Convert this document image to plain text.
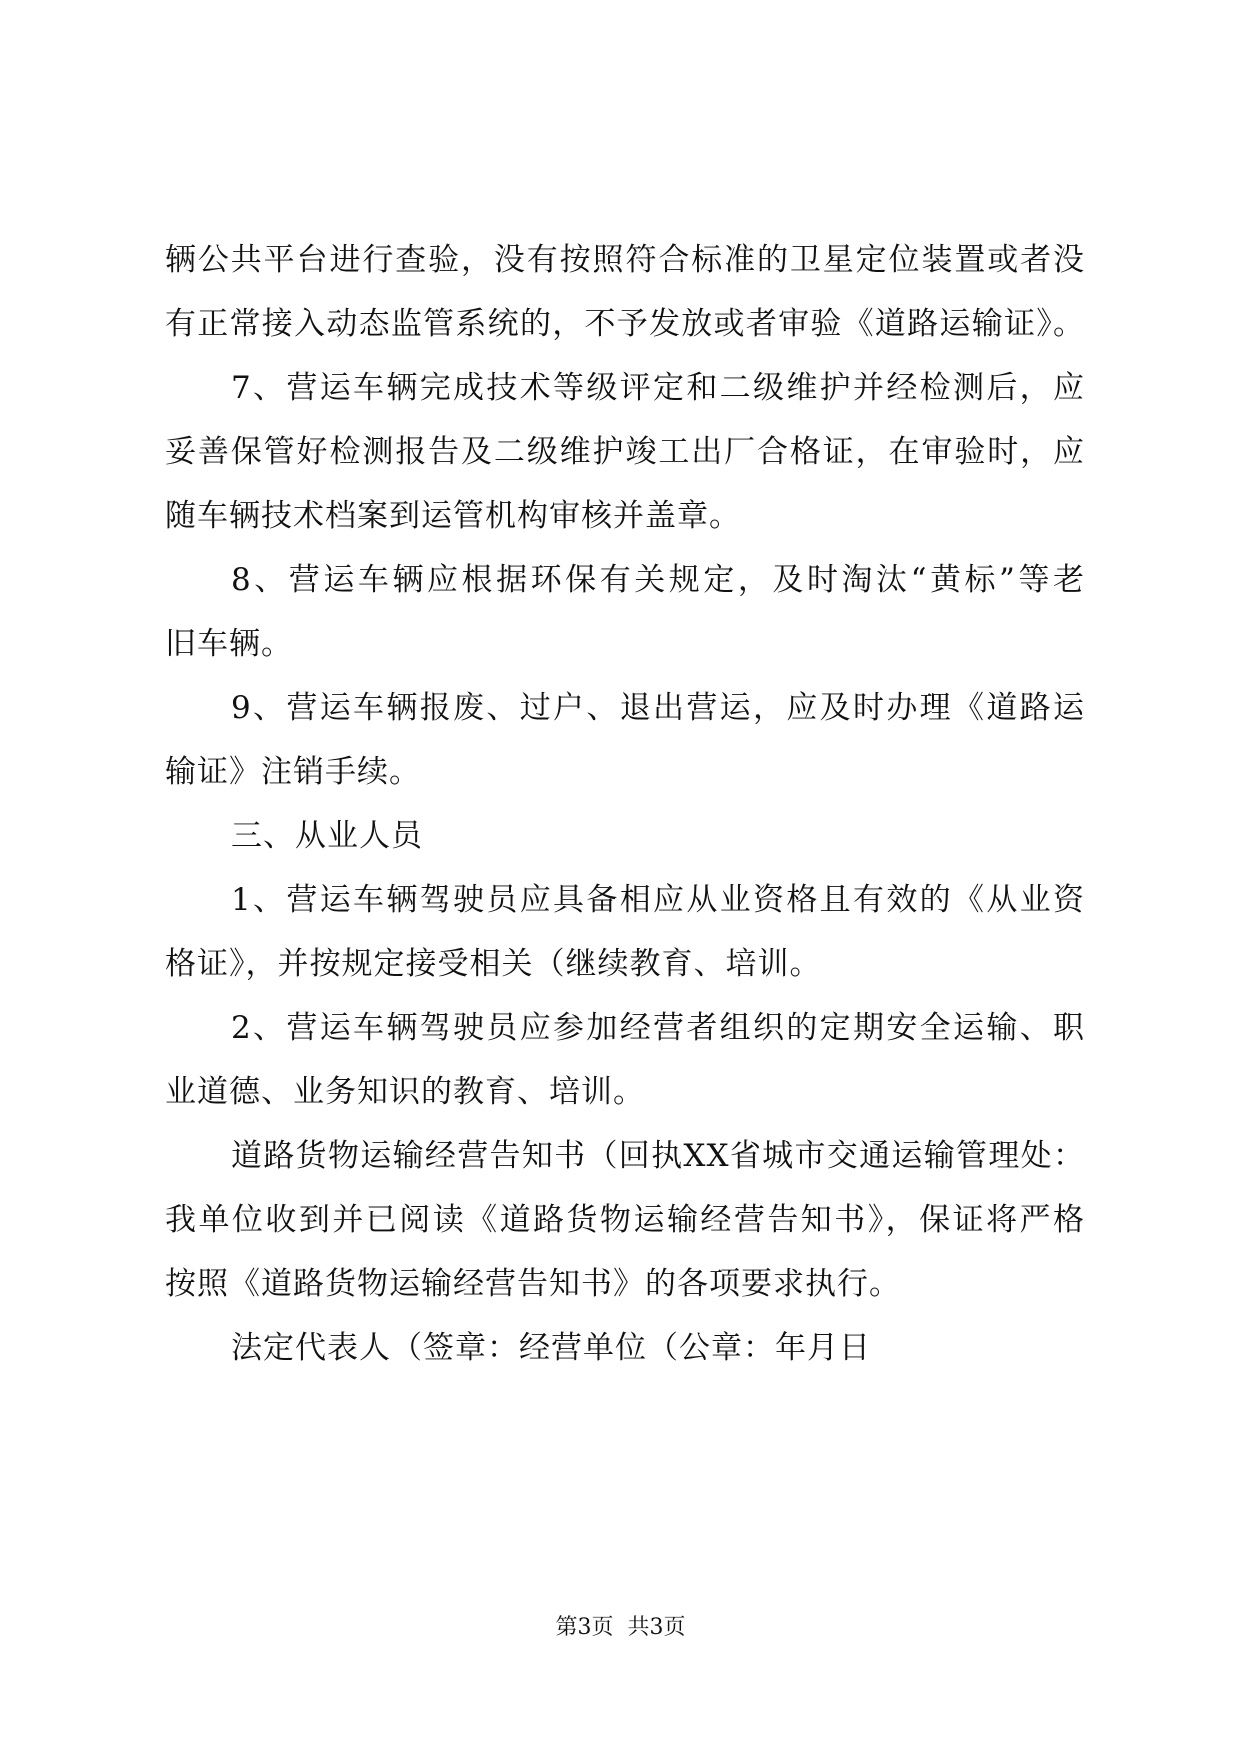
辆公共平台进行查验，没有按照符合标准的卫星定位装置或者没
有正常接入动态监管系统的，不予发放或者审验《道路运输证》。
7、营运车辆完成技术等级评定和二级维护并经检测后，应
妥善保管好检测报告及二级维护竣工出厂合格证，在审验时，应
随车辆技术档案到运管机构审核并盖章。
8、营运车辆应根据环保有关规定，及时淘汰“黄标”等老
旧车辆。
9、营运车辆报废、过户、退出营运，应及时办理《道路运
输证》注销手续。
三、从业人员
1、营运车辆驾驶员应具备相应从业资格且有效的《从业资
格证》，并按规定接受相关（继续教育、培训。
2、营运车辆驾驶员应参加经营者组织的定期安全运输、职
业道德、业务知识的教育、培训。
道路货物运输经营告知书（回执XX省城市交通运输管理处：
我单位收到并已阅读《道路货物运输经营告知书》，保证将严格
按照《道路货物运输经营告知书》的各项要求执行。
法定代表人（签章：经营单位（公章：年月日
第3页 共3页
